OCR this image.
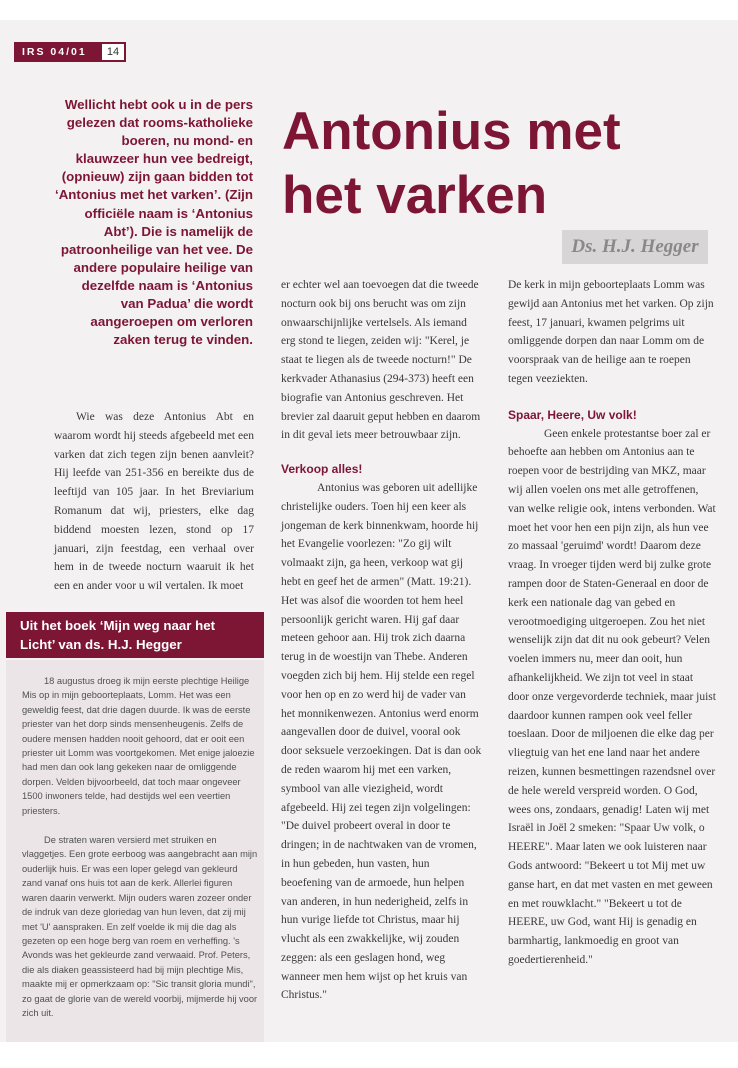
IRS 04/01	14
Antonius met
het varken
Ds. H.J. Hegger

Wellicht hebt ook u in de pers gelezen dat rooms-katholieke boeren, nu mond- en klauwzeer hun vee bedreigt, (opnieuw) zijn gaan bidden tot ‘Antonius met het varken’. (Zijn officiële naam is ‘Antonius Abt’). Die is namelijk de patroonheilige van het vee. De andere populaire heilige van dezelfde naam is ‘Antonius van Padua’ die wordt aangeroepen om verloren zaken terug te vinden.

Wie was deze Antonius Abt en waarom wordt hij steeds afgebeeld met een varken dat zich tegen zijn benen aanvleit? Hij leefde van 251-356 en bereikte dus de leeftijd van 105 jaar. In het Breviarium Romanum dat wij, priesters, elke dag biddend moesten lezen, stond op 17 januari, zijn feestdag, een verhaal over hem in de tweede nocturn waaruit ik het een en ander voor u wil vertalen. Ik moet

er echter wel aan toevoegen dat die tweede nocturn ook bij ons berucht was om zijn onwaarschijnlijke vertelsels. Als iemand erg stond te liegen, zeiden wij: "Kerel, je staat te liegen als de tweede nocturn!" De kerkvader Athanasius (294-373) heeft een biografie van Antonius geschreven. Het brevier zal daaruit geput hebben en daarom in dit geval iets meer betrouwbaar zijn.

Verkoop alles!

Antonius was geboren uit adellijke christelijke ouders. Toen hij een keer als jongeman de kerk binnenkwam, hoorde hij het Evangelie voorlezen: "Zo gij wilt volmaakt zijn, ga heen, verkoop wat gij hebt en geef het de armen" (Matt. 19:21). Het was alsof die woorden tot hem heel persoonlijk gericht waren. Hij gaf daar meteen gehoor aan. Hij trok zich daarna terug in de woestijn van Thebe. Anderen voegden zich bij hem. Hij stelde een regel voor hen op en zo werd hij de vader van het monnikenwezen. Antonius werd enorm aangevallen door de duivel, vooral ook door seksuele verzoekingen. Dat is dan ook de reden waarom hij met een varken, symbool van alle viezigheid, wordt afgebeeld. Hij zei tegen zijn volgelingen: "De duivel probeert overal in door te dringen; in de nachtwaken van de vromen, in hun gebeden, hun vasten, hun beoefening van de armoede, hun helpen van anderen, in hun nederigheid, zelfs in hun vurige liefde tot Christus, maar hij vlucht als een zwakkelijke, wij zouden zeggen: als een geslagen hond, weg wanneer men hem wijst op het kruis van Christus."

De kerk in mijn geboorteplaats Lomm was gewijd aan Antonius met het varken. Op zijn feest, 17 januari, kwamen pelgrims uit omliggende dorpen dan naar Lomm om de voorspraak van de heilige aan te roepen tegen veeziekten.

Spaar, Heere, Uw volk!

Geen enkele protestantse boer zal er behoefte aan hebben om Antonius aan te roepen voor de bestrijding van MKZ, maar wij allen voelen ons met alle getroffenen, van welke religie ook, intens verbonden. Wat moet het voor hen een pijn zijn, als hun vee zo massaal 'geruimd' wordt! Daarom deze vraag. In vroeger tijden werd bij zulke grote rampen door de Staten-Generaal en door de kerk een nationale dag van gebed en verootmoediging uitgeroepen. Zou het niet wenselijk zijn dat dit nu ook gebeurt? Velen voelen immers nu, meer dan ooit, hun afhankelijkheid. We zijn tot veel in staat door onze vergevorderde techniek, maar juist daardoor kunnen rampen ook veel feller toeslaan. Door de miljoenen die elke dag per vliegtuig van het ene land naar het andere reizen, kunnen besmettingen razendsnel over de hele wereld verspreid worden. O God, wees ons, zondaars, genadig! Laten wij met Israël in Joël 2 smeken: "Spaar Uw volk, o HEERE". Maar laten we ook luisteren naar Gods antwoord: "Bekeert u tot Mij met uw ganse hart, en dat met vasten en met geween en met rouwklacht." "Bekeert u tot de HEERE, uw God, want Hij is genadig en barmhartig, lankmoedig en groot van goedertierenheid."

Uit het boek ‘Mijn weg naar het Licht’ van ds. H.J. Hegger

18 augustus droeg ik mijn eerste plechtige Heilige Mis op in mijn geboorteplaats, Lomm. Het was een geweldig feest, dat drie dagen duurde. Ik was de eerste priester van het dorp sinds mensenheugenis. Zelfs de oudere mensen hadden nooit gehoord, dat er ooit een priester uit Lomm was voortgekomen. Met enige jaloezie had men dan ook lang gekeken naar de omliggende dorpen. Velden bijvoorbeeld, dat toch maar ongeveer 1500 inwoners telde, had destijds wel een veertien priesters.

De straten waren versierd met struiken en vlaggetjes. Een grote eerboog was aangebracht aan mijn ouderlijk huis. Er was een loper gelegd van gekleurd zand vanaf ons huis tot aan de kerk. Allerlei figuren waren daarin verwerkt. Mijn ouders waren zozeer onder de indruk van deze gloriedag van hun leven, dat zij mij met 'U' aanspraken. En zelf voelde ik mij die dag als gezeten op een hoge berg van roem en verheffing. 's Avonds was het gekleurde zand verwaaid. Prof. Peters, die als diaken geassisteerd had bij mijn plechtige Mis, maakte mij er opmerkzaam op: "Sic transit gloria mundi", zo gaat de glorie van de wereld voorbij, mijmerde hij voor zich uit.
